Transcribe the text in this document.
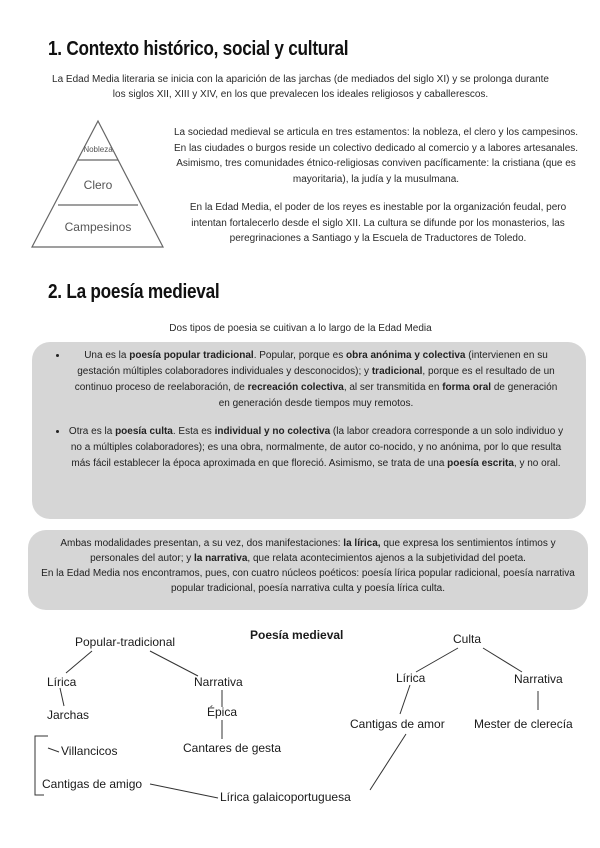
1. Contexto histórico, social y cultural
La Edad Media literaria se inicia con la aparición de las jarchas (de mediados del siglo XI) y se prolonga durante los siglos XII, XIII y XIV, en los que prevalecen los ideales religiosos y caballerescos.
Nobleza
Clero
Campesinos
La sociedad medieval se articula en tres estamentos: la nobleza, el clero y los campesinos. En las ciudades o burgos reside un colectivo dedicado al comercio y a labores artesanales. Asimismo, tres comunidades étnico-religiosas conviven pacíficamente: la cristiana (que es mayoritaria), la judía y la musulmana.
En la Edad Media, el poder de los reyes es inestable por la organización feudal, pero intentan fortalecerlo desde el siglo XII. La cultura se difunde por los monasterios, las peregrinaciones a Santiago y la Escuela de Traductores de Toledo.
2. La poesía medieval
Dos tipos de poesia se cuitivan a lo largo de la Edad Media
• Una es la poesía popular tradicional. Popular, porque es obra anónima y colectiva (intervienen en su gestación múltiples colaboradores individuales y desconocidos); y tradicional, porque es el resultado de un continuo proceso de reelaboración, de recreación colectiva, al ser transmitida en forma oral de generación en generación desde tiempos muy remotos.
• Otra es la poesía culta. Esta es individual y no colectiva (la labor creadora corresponde a un solo individuo y no a múltiples colaboradores); es una obra, normalmente, de autor co-nocido, y no anónima, por lo que resulta más fácil establecer la época aproximada en que floreció. Asimismo, se trata de una poesía escrita, y no oral.
Ambas modalidades presentan, a su vez, dos manifestaciones: la lírica, que expresa los sentimientos íntimos y personales del autor; y la narrativa, que relata acontecimientos ajenos a la subjetividad del poeta.
En la Edad Media nos encontramos, pues, con cuatro núcleos poéticos: poesía lírica popular radicional, poesía narrativa popular tradicional, poesía narrativa culta y poesía lírica culta.
Poesía medieval
Popular-tradicional	Culta
Lírica	Narrativa
Jarchas	Épica
Villancicos	Cantares de gesta
Cantigas de amigo
Lírica galaicoportuguesa
Lírica	Narrativa
Cantigas de amor Mester de clerecía
